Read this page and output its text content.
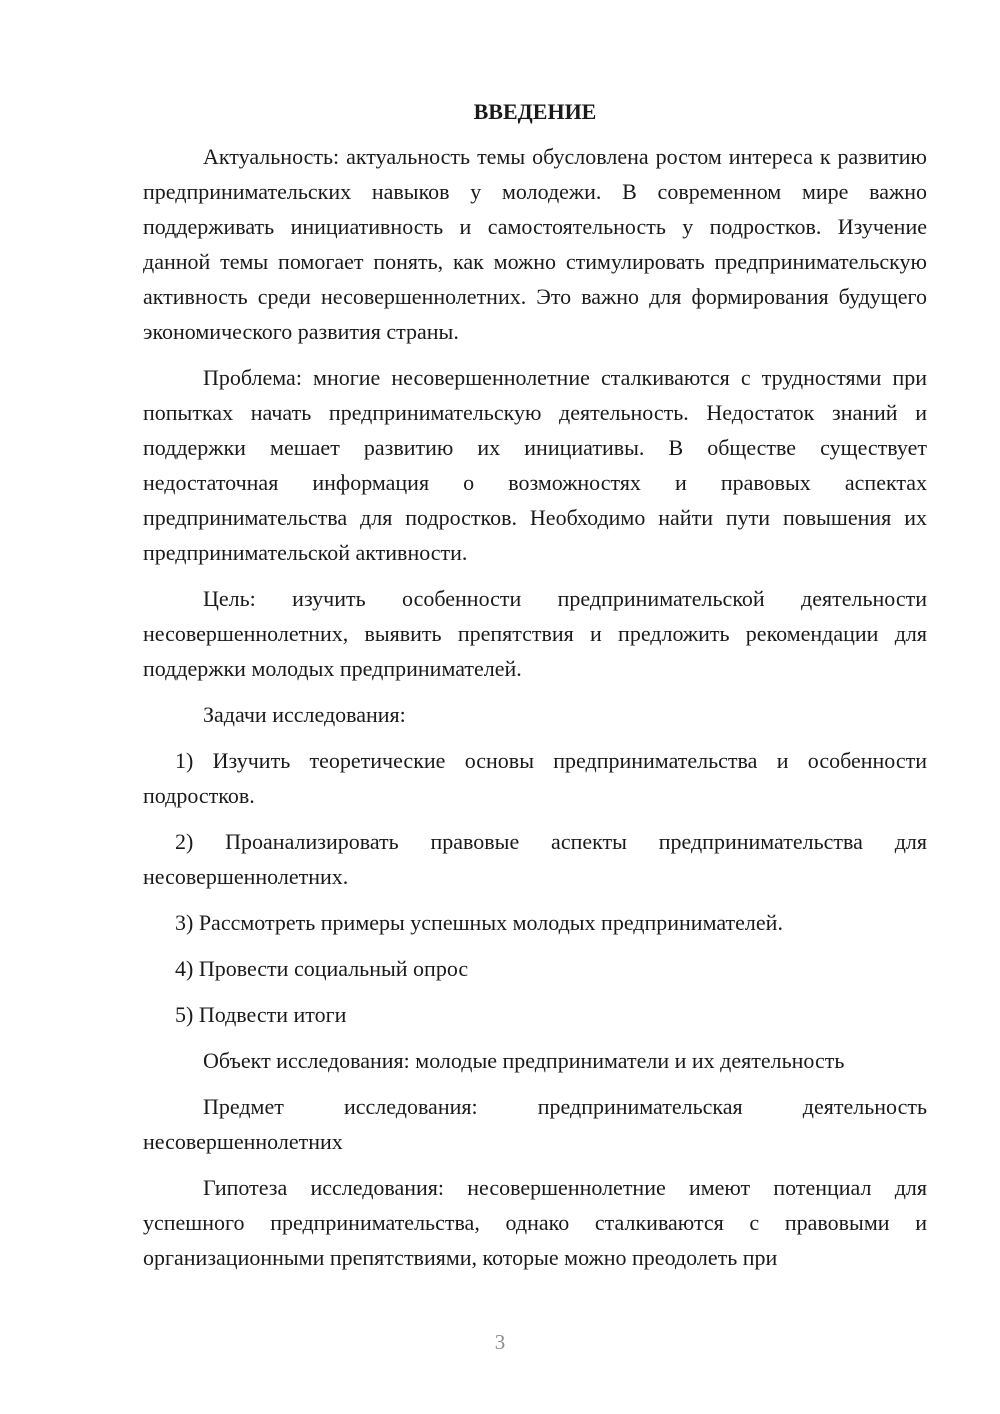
ВВЕДЕНИЕ

Актуальность: актуальность темы обусловлена ростом интереса к развитию предпринимательских навыков у молодежи. В современном мире важно поддерживать инициативность и самостоятельность у подростков. Изучение данной темы помогает понять, как можно стимулировать предпринимательскую активность среди несовершеннолетних. Это важно для формирования будущего экономического развития страны.

Проблема: многие несовершеннолетние сталкиваются с трудностями при попытках начать предпринимательскую деятельность. Недостаток знаний и поддержки мешает развитию их инициативы. В обществе существует недостаточная информация о возможностях и правовых аспектах предпринимательства для подростков. Необходимо найти пути повышения их предпринимательской активности.

Цель: изучить особенности предпринимательской деятельности несовершеннолетних, выявить препятствия и предложить рекомендации для поддержки молодых предпринимателей.

Задачи исследования:

1) Изучить теоретические основы предпринимательства и особенности подростков.

2) Проанализировать правовые аспекты предпринимательства для несовершеннолетних.

3) Рассмотреть примеры успешных молодых предпринимателей.

4) Провести социальный опрос

5) Подвести итоги

Объект исследования: молодые предприниматели и их деятельность

Предмет исследования: предпринимательская деятельность несовершеннолетних

Гипотеза исследования: несовершеннолетние имеют потенциал для успешного предпринимательства, однако сталкиваются с правовыми и организационными препятствиями, которые можно преодолеть при

3
